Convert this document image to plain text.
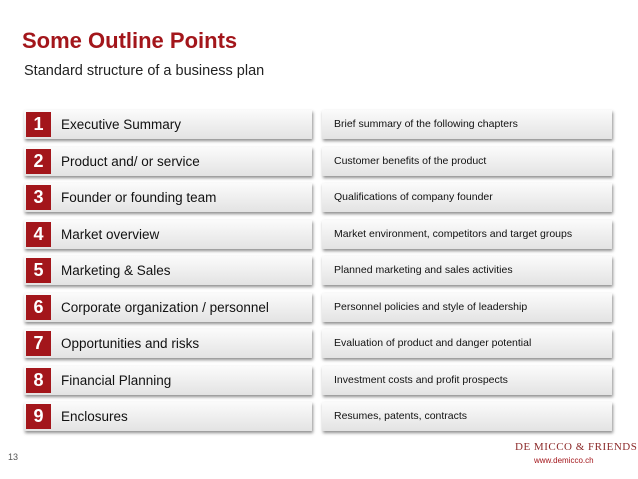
Some Outline Points
Standard structure of a business plan
1	Executive Summary	Brief summary of the following chapters
2	Product and/ or service	Customer benefits of the product
3	Founder or founding team	Qualifications of company founder
4	Market overview	Market environment, competitors and target groups
5	Marketing & Sales	Planned marketing and sales activities
6	Corporate organization / personnel	Personnel policies and style of leadership
7	Opportunities and risks	Evaluation of product and danger potential
8	Financial Planning	Investment costs and profit prospects
9	Enclosures	Resumes, patents, contracts
13
DE MICCO & FRIENDS
www.demicco.ch
